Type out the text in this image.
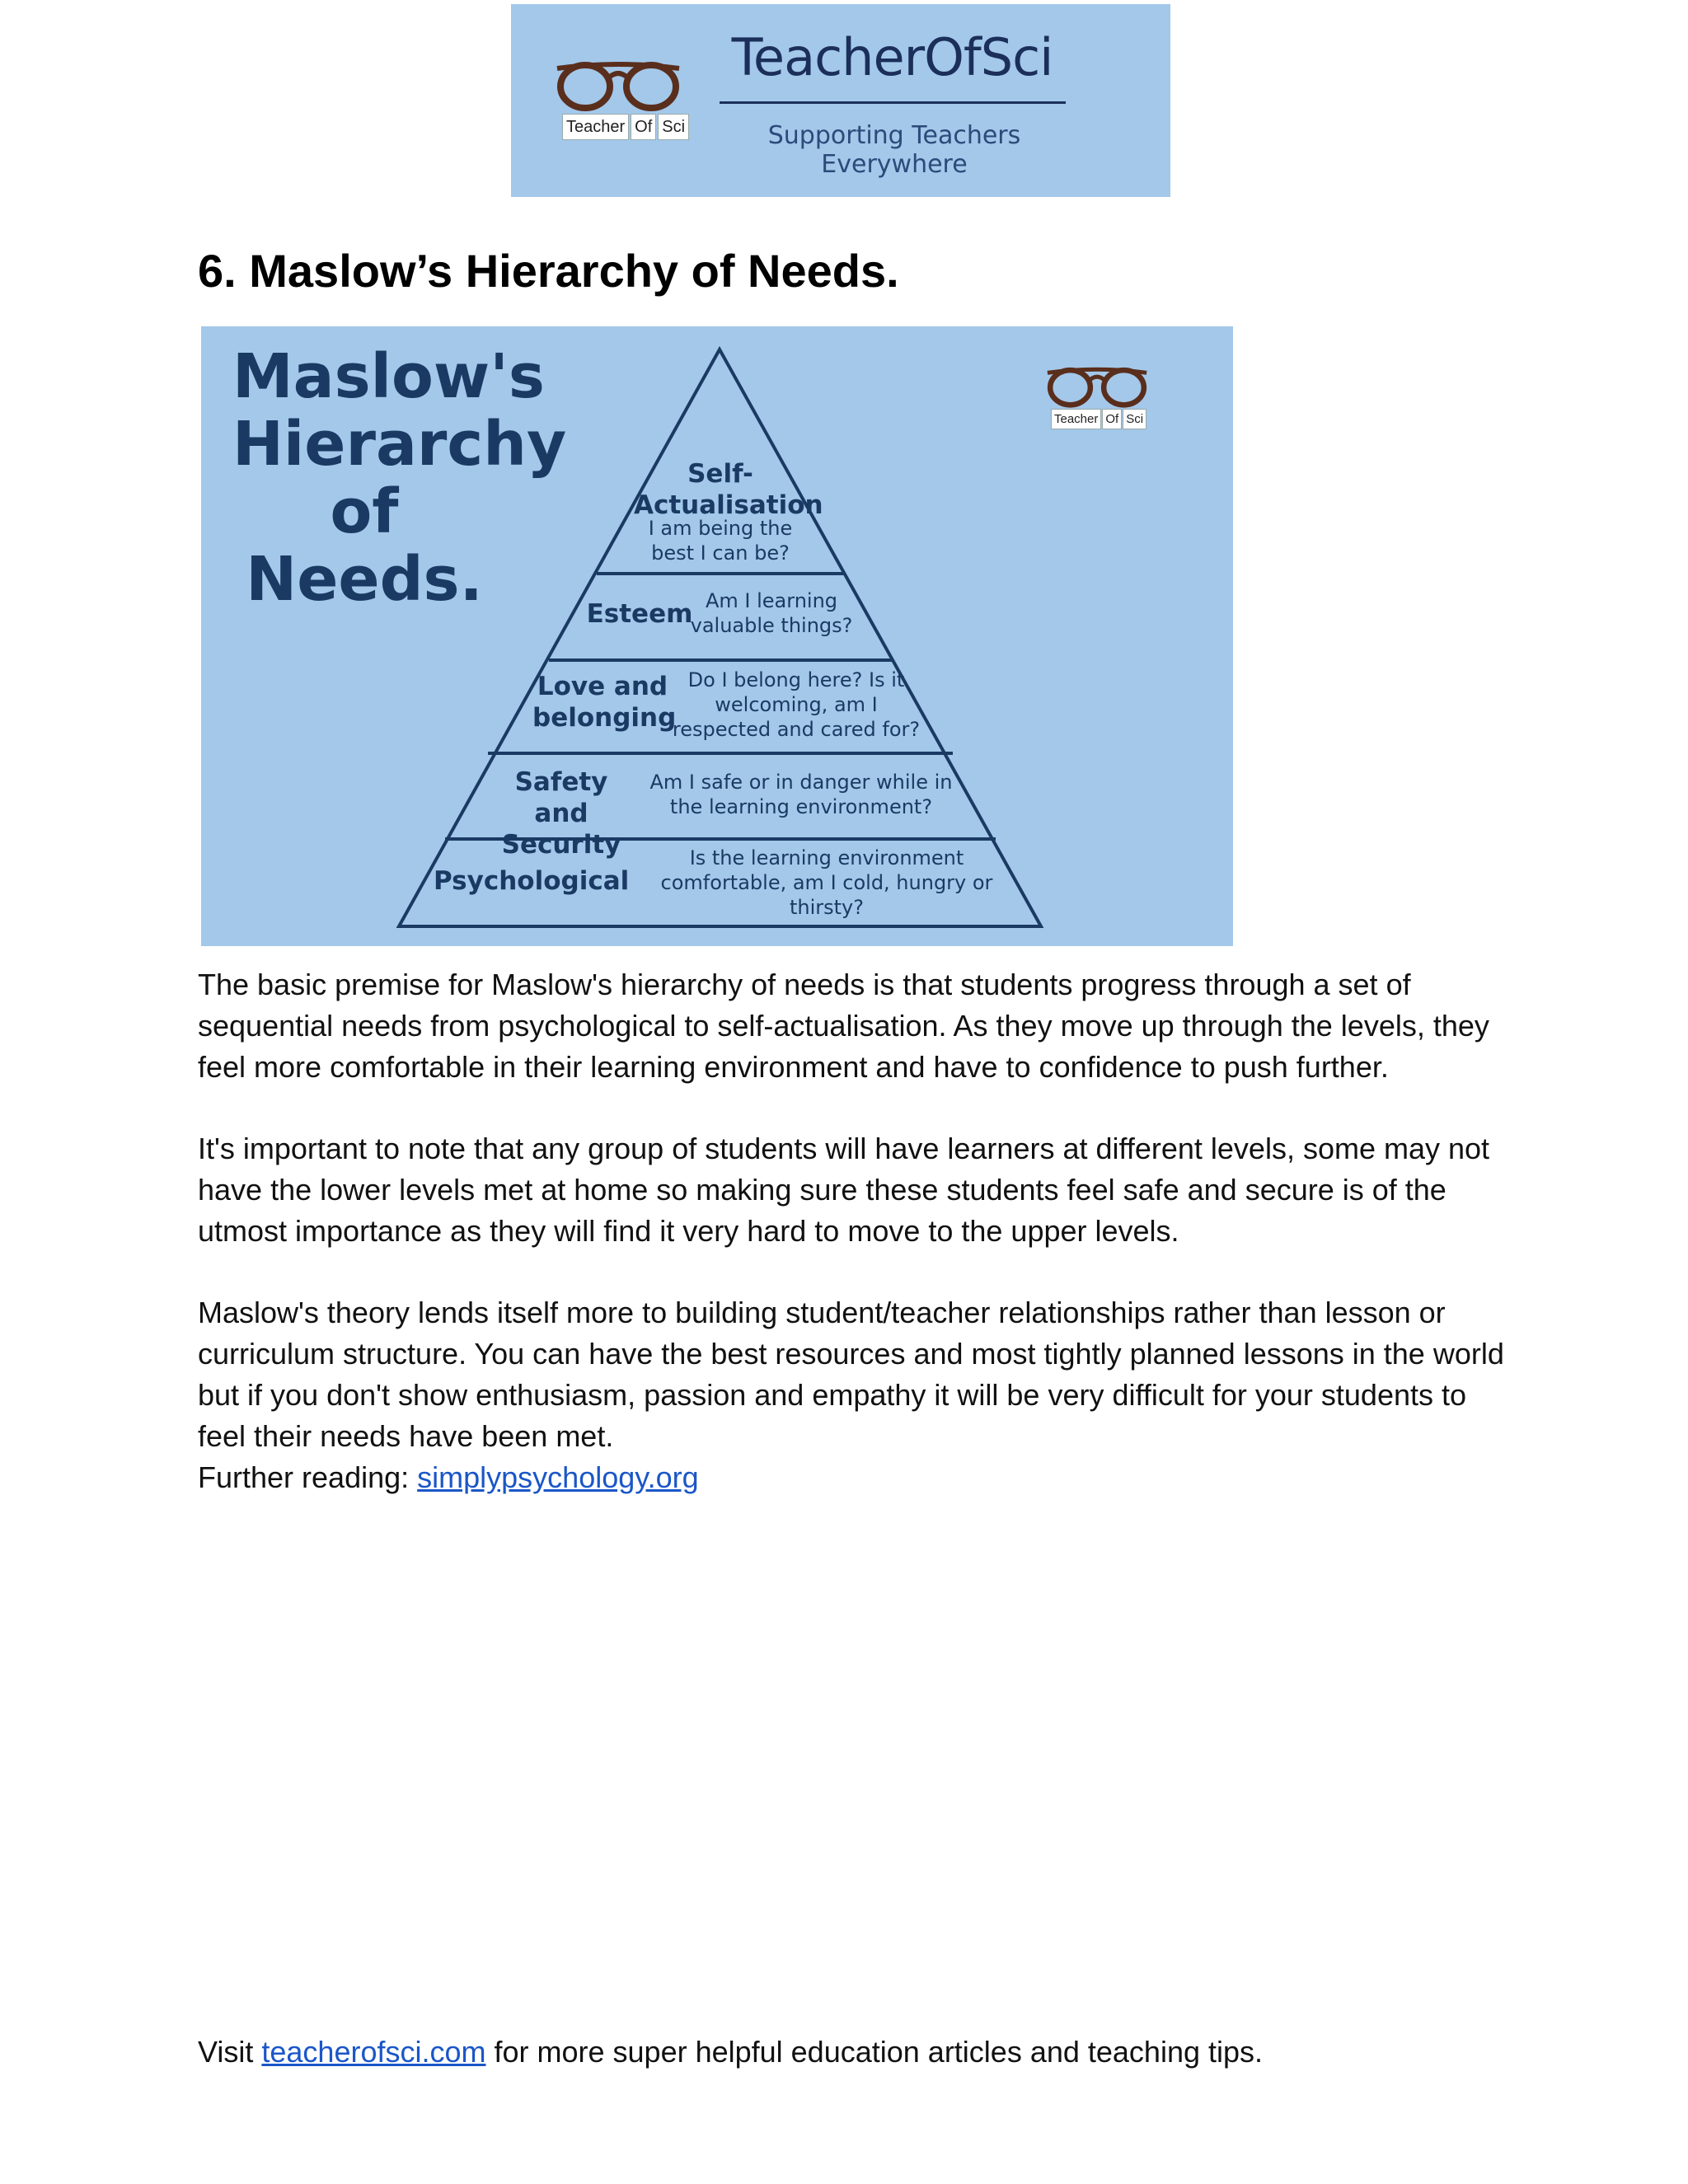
Teacher Of Sci
TeacherOfSci
Supporting Teachers Everywhere
6. Maslow’s Hierarchy of Needs.
Maslow's
Hierarchy
of Needs.
Teacher Of Sci
Self-
Actualisation
I am being the
best I can be?
Esteem Am I learning
valuable things?
Love and
belonging
Do I belong here? Is it
welcoming, am I
respected and cared for?
Safety and
Security
Am I safe or in danger while in
the learning environment?
Psychological
Is the learning environment
comfortable, am I cold, hungry or
thirsty?

The basic premise for Maslow's hierarchy of needs is that students progress through a set of sequential needs from psychological to self-actualisation. As they move up through the levels, they feel more comfortable in their learning environment and have to confidence to push further.

It's important to note that any group of students will have learners at different levels, some may not have the lower levels met at home so making sure these students feel safe and secure is of the utmost importance as they will find it very hard to move to the upper levels.

Maslow's theory lends itself more to building student/teacher relationships rather than lesson or curriculum structure. You can have the best resources and most tightly planned lessons in the world but if you don't show enthusiasm, passion and empathy it will be very difficult for your students to feel their needs have been met.

Further reading: simplypsychology.org

Visit teacherofsci.com for more super helpful education articles and teaching tips.
